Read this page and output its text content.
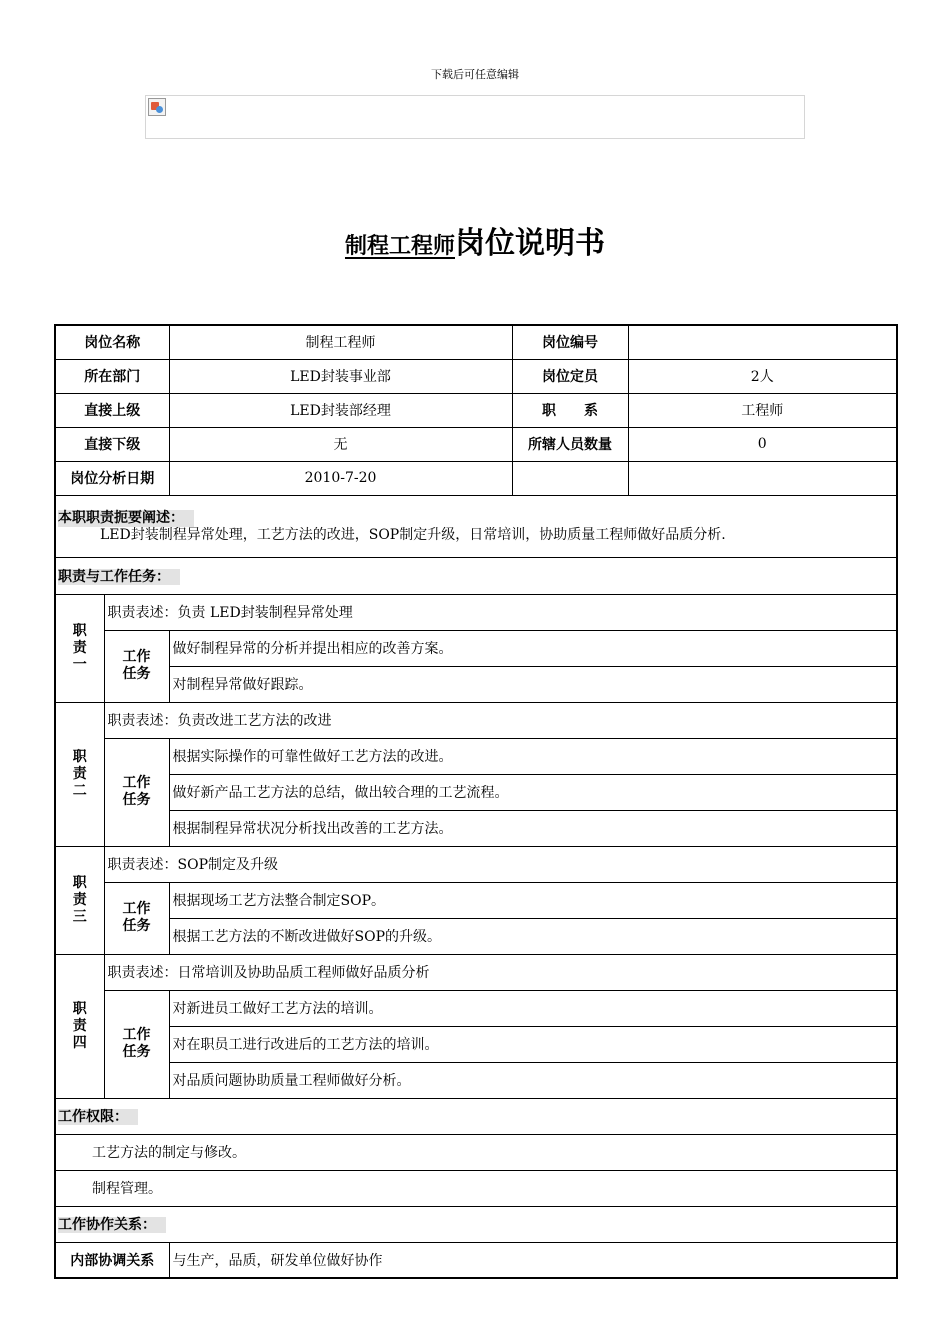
下载后可任意编辑
制程工程师岗位说明书
岗位名称		制程工程师	岗位编号	
所在部门		LED封装事业部	岗位定员	2人
直接上级		LED封装部经理	职　　系	工程师
直接下级		无	所辖人员数量	0
岗位分析日期		2010-7-20		
本职职责扼要阐述：
LED封装制程异常处理，工艺方法的改进，SOP制定升级，日常培训，协助质量工程师做好品质分析.				

职责与工作任务：				
职责一	职责表述：负责 LED封装制程异常处理			
	工作任务	做好制程异常的分析并提出相应的改善方案。		
		对制程异常做好跟踪。		
职责二	职责表述：负责改进工艺方法的改进			
	工作任务	根据实际操作的可靠性做好工艺方法的改进。		
		做好新产品工艺方法的总结，做出较合理的工艺流程。		
		根据制程异常状况分析找出改善的工艺方法。		
职责三	职责表述：SOP制定及升级			
	工作任务	根据现场工艺方法整合制定SOP。		
		根据工艺方法的不断改进做好SOP的升级。		
职责四	职责表述：日常培训及协助品质工程师做好品质分析			
	工作任务	对新进员工做好工艺方法的培训。		
		对在职员工进行改进后的工艺方法的培训。		
		对品质问题协助质量工程师做好分析。		
工作权限：				
工艺方法的制定与修改。				
制程管理。				
工作协作关系：				
内部协调关系		与生产，品质，研发单位做好协作		
